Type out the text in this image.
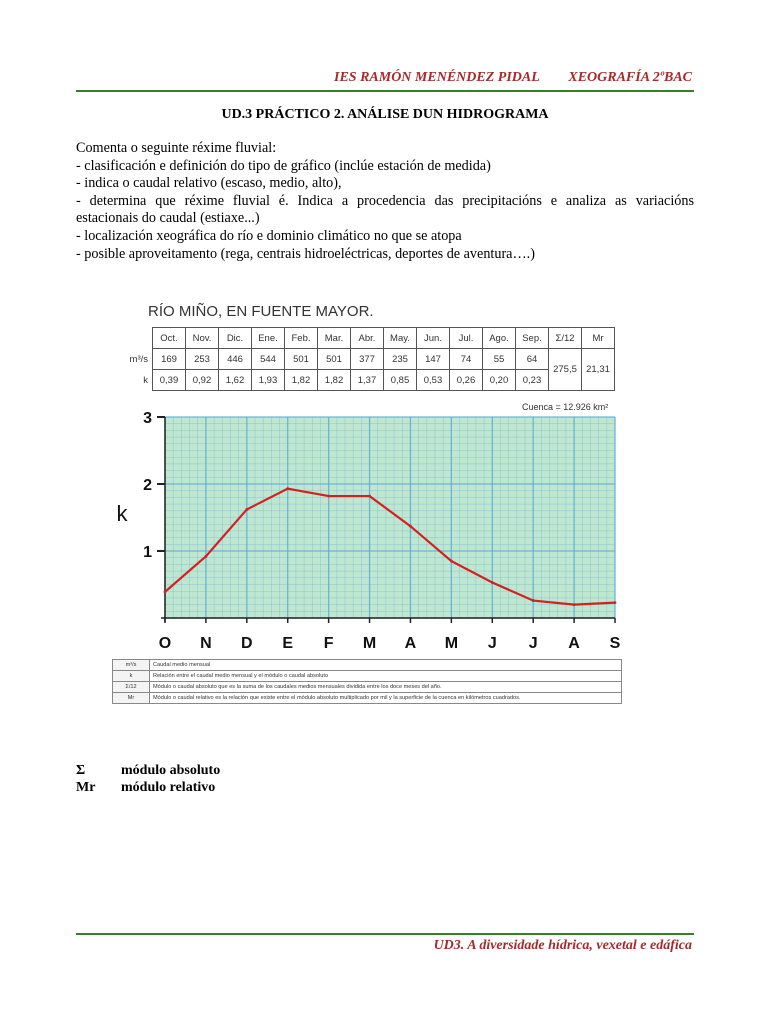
IES RAMÓN MENÉNDEZ PIDAL XEOGRAFÍA 2ºBAC
UD.3 PRÁCTICO 2. ANÁLISE DUN HIDROGRAMA

Comenta o seguinte réxime fluvial:

- clasificación e definición do tipo de gráfico (inclúe estación de medida)

- indica o caudal relativo (escaso, medio, alto),

- determina que réxime fluvial é. Indica a procedencia das precipitacións e analiza as variacións

estacionais do caudal (estiaxe...)

- localización xeográfica do río e dominio climático no que se atopa

- posible aproveitamento (rega, centrais hidroeléctricas, deportes de aventura….)

RÍO MIÑO, EN FUENTE MAYOR.
	Oct.	Nov.	Dic.	Ene.	Feb.	Mar.	Abr.	May.	Jun.	Jul.	Ago.	Sep.	Σ/12	Mr
m³/s	169	253	446	544	501	501	377	235	147	74	55	64	275,5	21,31
k	0,39	0,92	1,62	1,93	1,82	1,82	1,37	0,85	0,53	0,26	0,20	0,23		
Cuenca = 12.926 km²
1
2
3
k
O N D E F M A M J J A S
m³/s	Caudal medio mensual
k	Relación entre el caudal medio mensual y el módulo o caudal absoluto
Σ/12	Módulo o caudal absoluto que es la suma de los caudales medios mensuales dividida entre los doce meses del año.
Mr	Módulo o caudal relativo es la relación que existe entre el módulo absoluto multiplicado por mil y la superficie de la cuenca en kilómetros cuadrados.
Σ	módulo absoluto
Mr	módulo relativo
UD3. A diversidade hídrica, vexetal e edáfica
